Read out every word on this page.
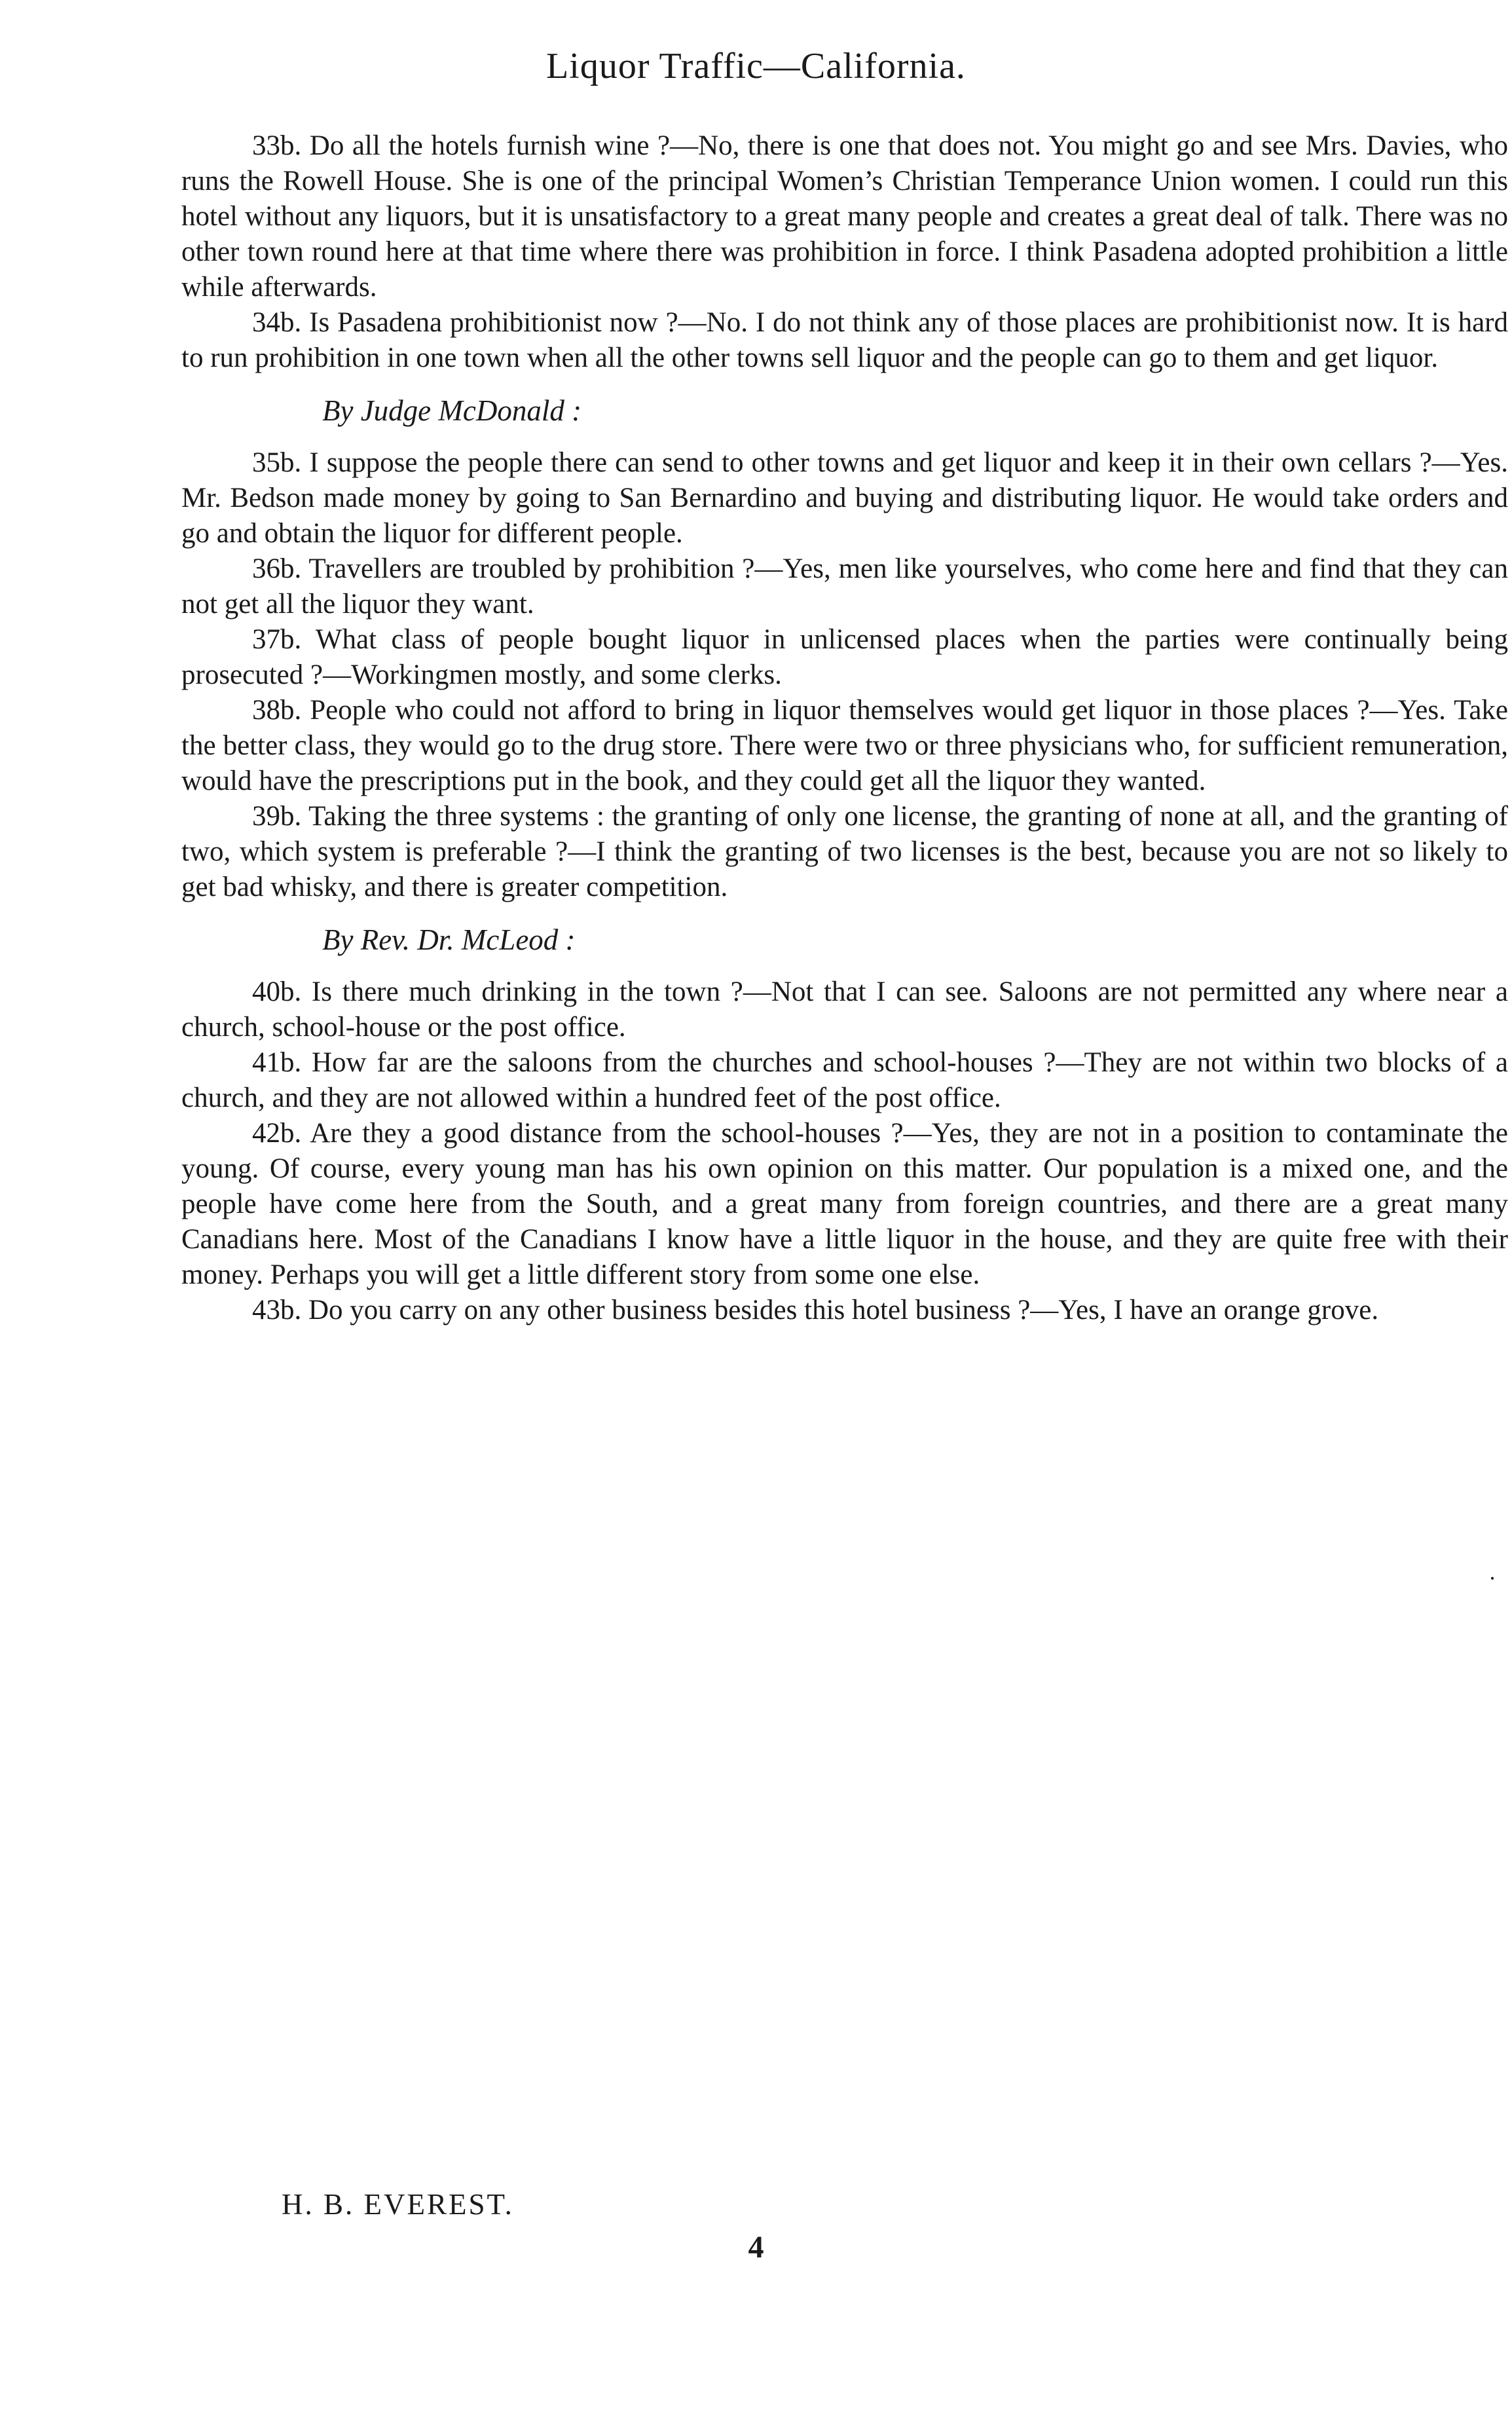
Liquor Traffic—California.

33b. Do all the hotels furnish wine ?—No, there is one that does not. You might go and see Mrs. Davies, who runs the Rowell House. She is one of the principal Women’s Christian Temperance Union women. I could run this hotel without any liquors, but it is unsatisfactory to a great many people and creates a great deal of talk. There was no other town round here at that time where there was prohibition in force. I think Pasadena adopted prohibition a little while afterwards.

34b. Is Pasadena prohibitionist now ?—No. I do not think any of those places are prohibitionist now. It is hard to run prohibition in one town when all the other towns sell liquor and the people can go to them and get liquor.

By Judge McDonald :

35b. I suppose the people there can send to other towns and get liquor and keep it in their own cellars ?—Yes. Mr. Bedson made money by going to San Bernardino and buying and distributing liquor. He would take orders and go and obtain the liquor for different people.

36b. Travellers are troubled by prohibition ?—Yes, men like yourselves, who come here and find that they can not get all the liquor they want.

37b. What class of people bought liquor in unlicensed places when the parties were continually being prosecuted ?—Workingmen mostly, and some clerks.

38b. People who could not afford to bring in liquor themselves would get liquor in those places ?—Yes. Take the better class, they would go to the drug store. There were two or three physicians who, for sufficient remuneration, would have the prescriptions put in the book, and they could get all the liquor they wanted.

39b. Taking the three systems : the granting of only one license, the granting of none at all, and the granting of two, which system is preferable ?—I think the granting of two licenses is the best, because you are not so likely to get bad whisky, and there is greater competition.

By Rev. Dr. McLeod :

40b. Is there much drinking in the town ?—Not that I can see. Saloons are not permitted any where near a church, school-house or the post office.

41b. How far are the saloons from the churches and school-houses ?—They are not within two blocks of a church, and they are not allowed within a hundred feet of the post office.

42b. Are they a good distance from the school-houses ?—Yes, they are not in a position to contaminate the young. Of course, every young man has his own opinion on this matter. Our population is a mixed one, and the people have come here from the South, and a great many from foreign countries, and there are a great many Canadians here. Most of the Canadians I know have a little liquor in the house, and they are quite free with their money. Perhaps you will get a little different story from some one else.

43b. Do you carry on any other business besides this hotel business ?—Yes, I have an orange grove.

H. B. EVEREST.
4
